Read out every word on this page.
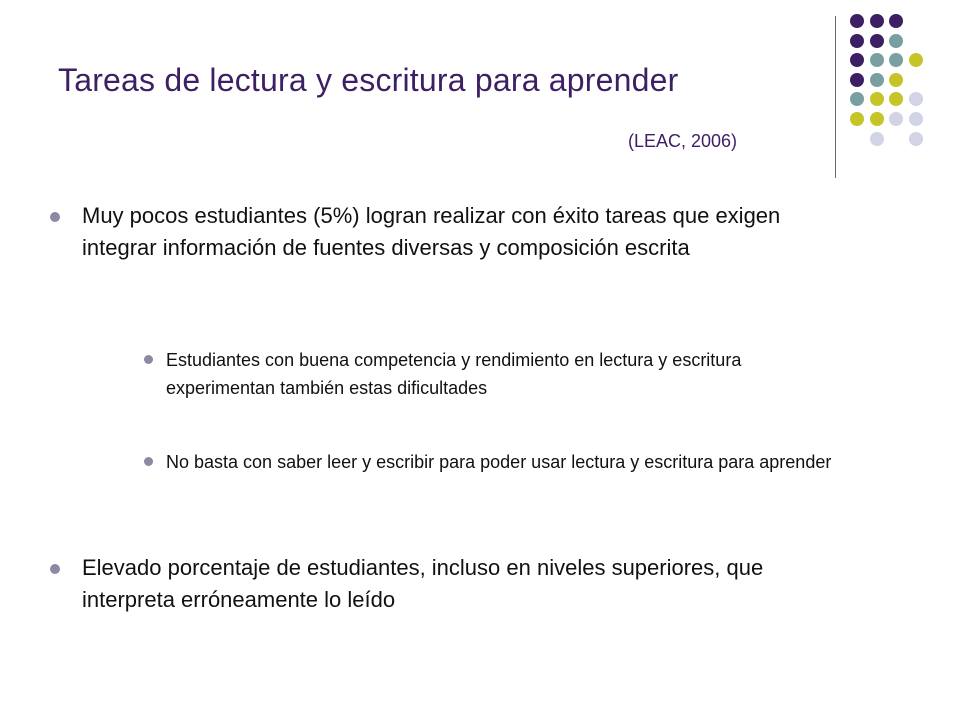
Tareas de lectura y escritura para aprender
(LEAC, 2006)
Muy pocos estudiantes (5%) logran realizar con éxito tareas que exigen integrar información de fuentes diversas y composición escrita
Estudiantes con buena competencia y rendimiento en lectura y escritura experimentan también estas dificultades
No basta con saber leer y escribir para poder usar lectura y escritura para aprender
Elevado porcentaje de estudiantes, incluso en niveles superiores, que interpreta erróneamente lo leído
